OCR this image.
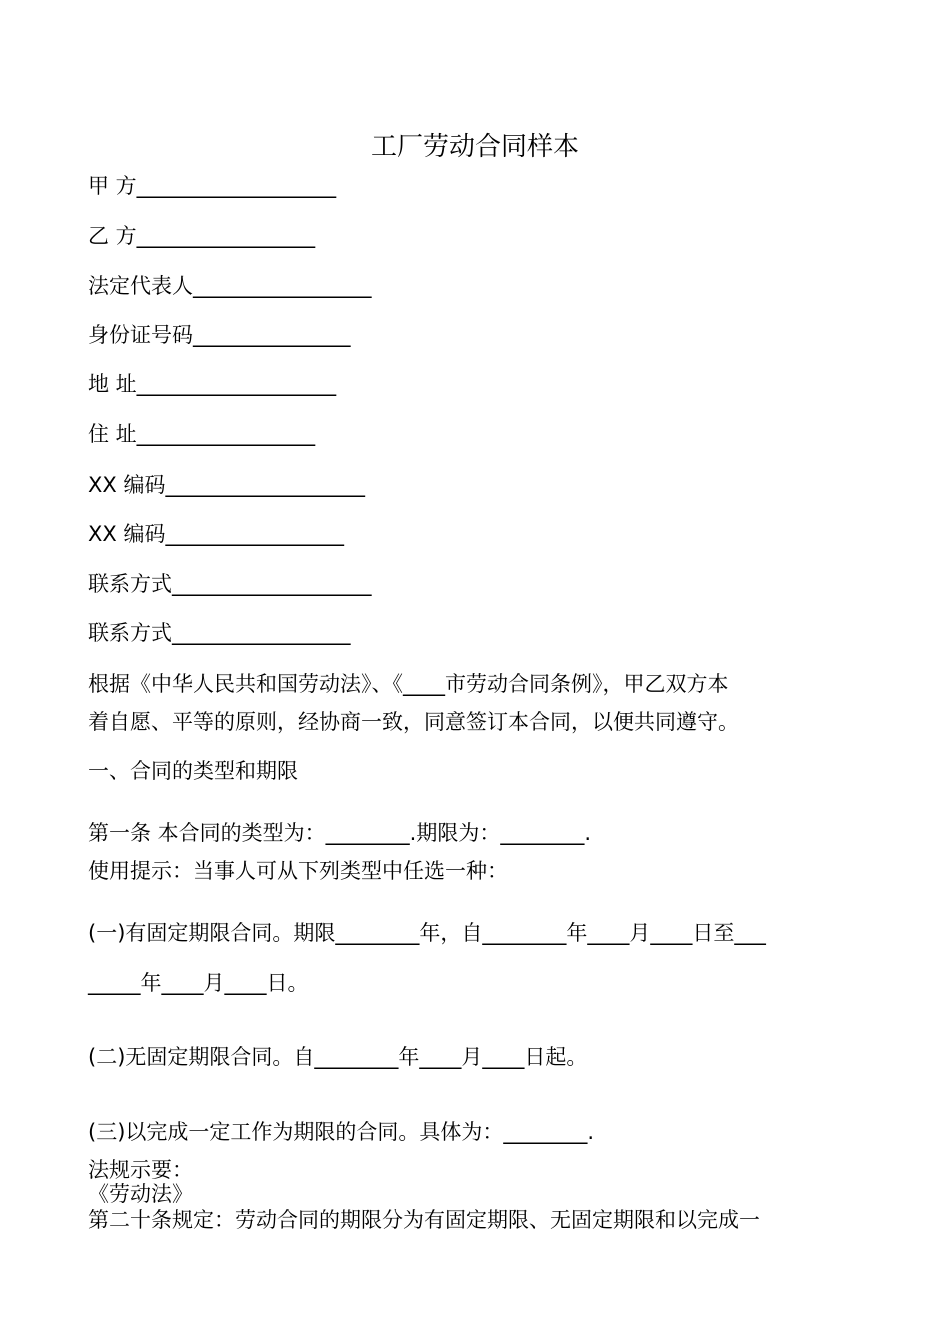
工厂劳动合同样本
甲 方___________________
乙 方_________________
法定代表人_________________
身份证号码_______________
地 址___________________
住 址_________________
XX 编码___________________
XX 编码_________________
联系方式___________________
联系方式_________________
根据《中华人民共和国劳动法》、《____市劳动合同条例》，甲乙双方本
着自愿、平等的原则，经协商一致，同意签订本合同，以便共同遵守。
一、合同的类型和期限
第一条 本合同的类型为：________.期限为：________.
使用提示：当事人可从下列类型中任选一种：
(一)有固定期限合同。期限________年，自________年____月____日至___
_____年____月____日。
(二)无固定期限合同。自________年____月____日起。
(三)以完成一定工作为期限的合同。具体为：________.
法规示要：
《劳动法》
第二十条规定：劳动合同的期限分为有固定期限、无固定期限和以完成一
